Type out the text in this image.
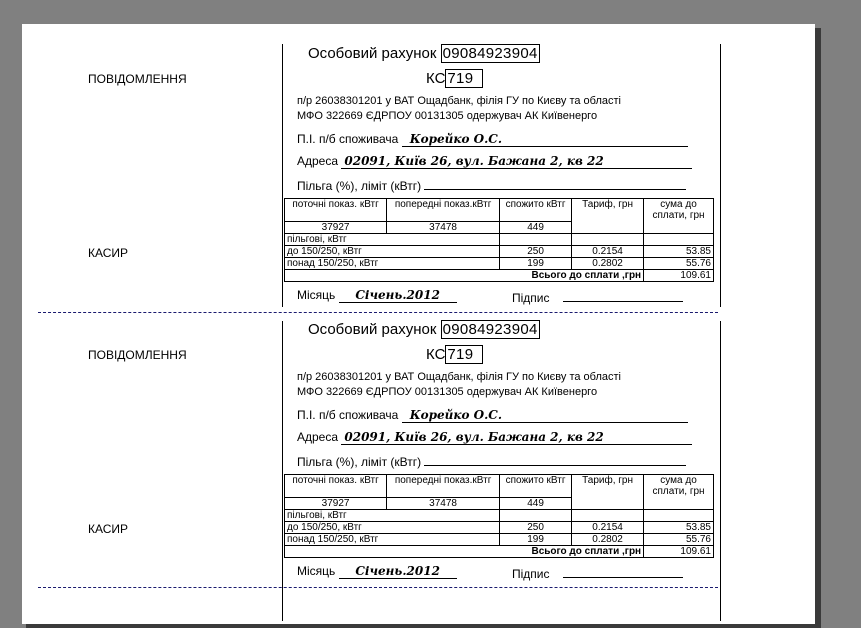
ПОВІДОМЛЕННЯ
КАСИР
Особовий рахунок 09084923904
КС 719
п/р 26038301201 у ВАТ Ощадбанк, філія ГУ по Києву та області
МФО 322669 ЄДРПОУ 00131305 одержувач АК Київенерго
П.І. п/б споживача Корейко О.С.
Адреса 02091, Київ 26, вул. Бажана 2, кв 22
Пільга (%), ліміт (кВтг)
поточні показ. кВтг	попередні показ.кВтг	спожито кВтг	Тариф, грн	сума до сплати, грн
37927	37478	449		
пільгові, кВтг				
до 150/250, кВтг		250	0.2154	53.85
понад 150/250, кВтг		199	0.2802	55.76
Всього до сплати ,грн				109.61
Місяць Січень.2012	Підпис
ПОВІДОМЛЕННЯ
КАСИР
Особовий рахунок 09084923904
КС 719
п/р 26038301201 у ВАТ Ощадбанк, філія ГУ по Києву та області
МФО 322669 ЄДРПОУ 00131305 одержувач АК Київенерго
П.І. п/б споживача Корейко О.С.
Адреса 02091, Київ 26, вул. Бажана 2, кв 22
Пільга (%), ліміт (кВтг)
поточні показ. кВтг	попередні показ.кВтг	спожито кВтг	Тариф, грн	сума до сплати, грн
37927	37478	449		
пільгові, кВтг				
до 150/250, кВтг		250	0.2154	53.85
понад 150/250, кВтг		199	0.2802	55.76
Всього до сплати ,грн				109.61
Місяць Січень.2012	Підпис
